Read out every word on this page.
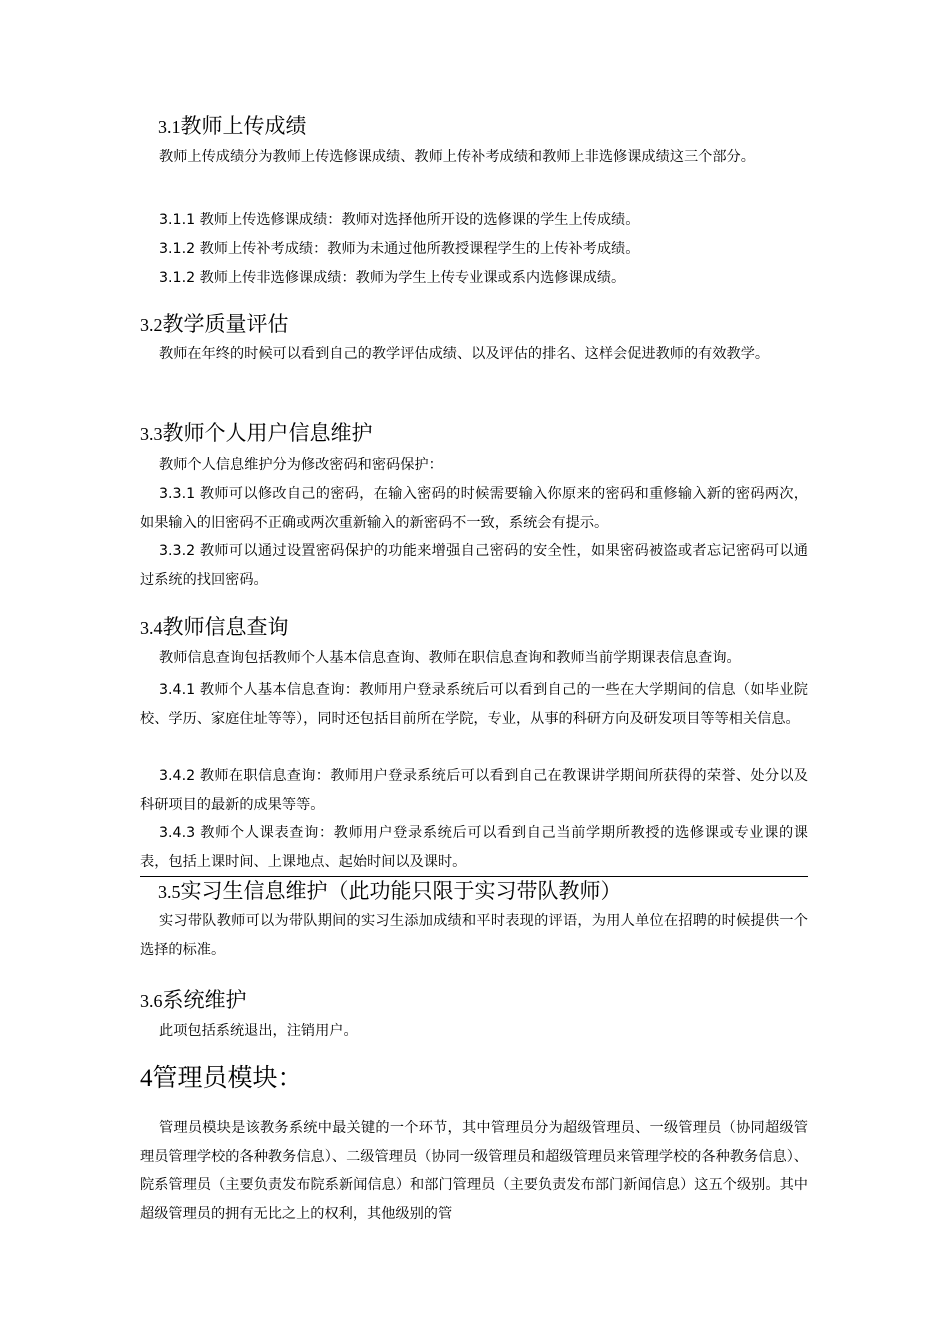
3.1教师上传成绩

教师上传成绩分为教师上传选修课成绩、教师上传补考成绩和教师上非选修课成绩这三个部分。

3.1.1 教师上传选修课成绩：教师对选择他所开设的选修课的学生上传成绩。

3.1.2 教师上传补考成绩：教师为未通过他所教授课程学生的上传补考成绩。

3.1.2 教师上传非选修课成绩：教师为学生上传专业课或系内选修课成绩。

3.2教学质量评估

教师在年终的时候可以看到自己的教学评估成绩、以及评估的排名、这样会促进教师的有效教学。

3.3教师个人用户信息维护

教师个人信息维护分为修改密码和密码保护：

3.3.1 教师可以修改自己的密码，在输入密码的时候需要输入你原来的密码和重修输入新的密码两次，如果输入的旧密码不正确或两次重新输入的新密码不一致，系统会有提示。

3.3.2 教师可以通过设置密码保护的功能来增强自己密码的安全性，如果密码被盗或者忘记密码可以通过系统的找回密码。

3.4教师信息查询

教师信息查询包括教师个人基本信息查询、教师在职信息查询和教师当前学期课表信息查询。

3.4.1 教师个人基本信息查询：教师用户登录系统后可以看到自己的一些在大学期间的信息（如毕业院校、学历、家庭住址等等），同时还包括目前所在学院，专业，从事的科研方向及研发项目等等相关信息。

3.4.2 教师在职信息查询：教师用户登录系统后可以看到自己在教课讲学期间所获得的荣誉、处分以及科研项目的最新的成果等等。

3.4.3 教师个人课表查询：教师用户登录系统后可以看到自己当前学期所教授的选修课或专业课的课表，包括上课时间、上课地点、起始时间以及课时。

3.5实习生信息维护（此功能只限于实习带队教师）

实习带队教师可以为带队期间的实习生添加成绩和平时表现的评语，为用人单位在招聘的时候提供一个选择的标准。

3.6系统维护

此项包括系统退出，注销用户。

4管理员模块：

管理员模块是该教务系统中最关键的一个环节，其中管理员分为超级管理员、一级管理员（协同超级管理员管理学校的各种教务信息）、二级管理员（协同一级管理员和超级管理员来管理学校的各种教务信息）、院系管理员（主要负责发布院系新闻信息）和部门管理员（主要负责发布部门新闻信息）这五个级别。其中超级管理员的拥有无比之上的权利，其他级别的管
